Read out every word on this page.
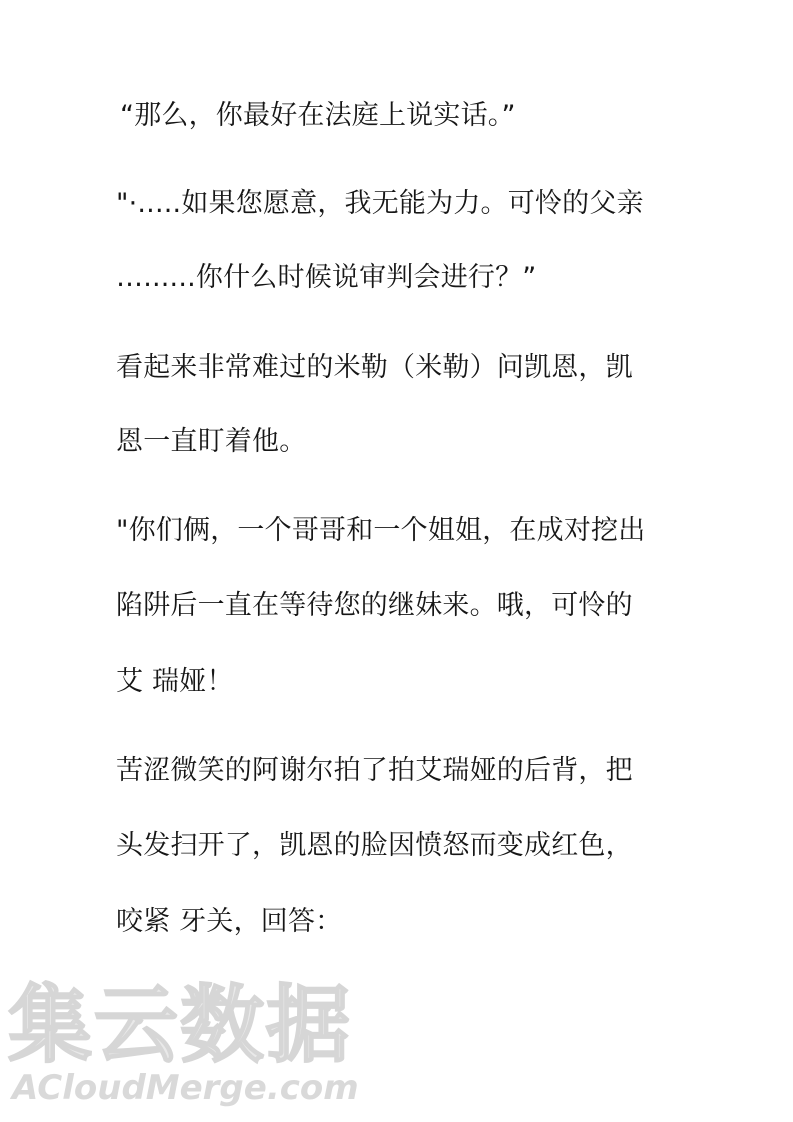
“那么，你最好在法庭上说实话。”
"·.....如果您愿意，我无能为力。可怜的父亲
…......你什么时候说审判会进行？”
看起来非常难过的米勒（米勒）问凯恩，凯
恩一直盯着他。
"你们俩，一个哥哥和一个姐姐，在成对挖出
陷阱后一直在等待您的继妹来。哦，可怜的
艾 瑞娅！
苦涩微笑的阿谢尔拍了拍艾瑞娅的后背，把
头发扫开了，凯恩的脸因愤怒而变成红色，
咬紧 牙关，回答：
集云数据
ACloudMerge.com
